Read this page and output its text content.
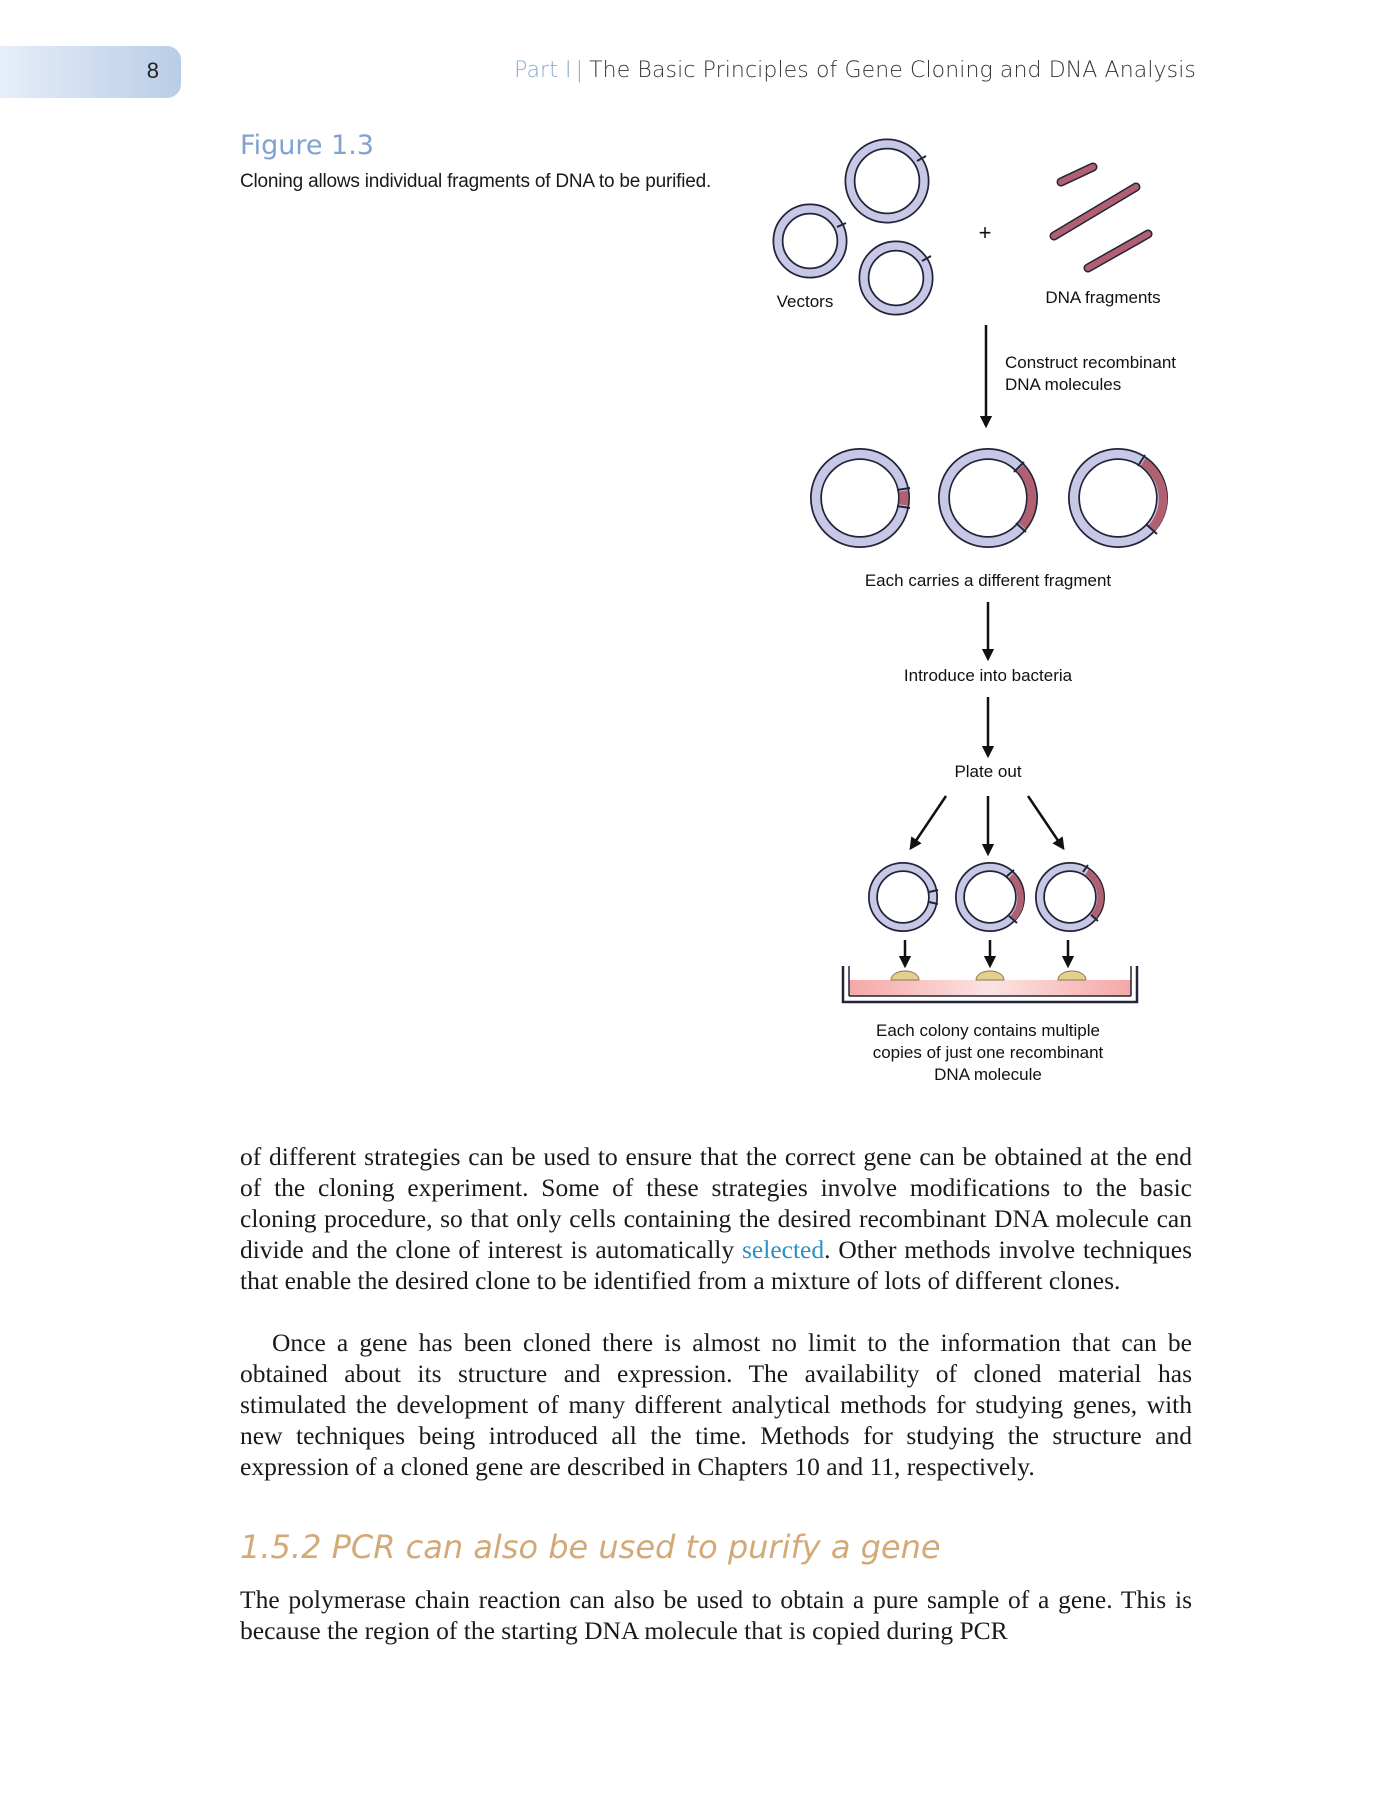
8	Part I | The Basic Principles of Gene Cloning and DNA Analysis
Figure 1.3
Cloning allows individual fragments of DNA to be purified.
Vectors
+
DNA fragments
Construct recombinant
DNA molecules
Each carries a different fragment
Introduce into bacteria
Plate out
Each colony contains multiple
copies of just one recombinant
DNA molecule

of different strategies can be used to ensure that the correct gene can be obtained at the end of the cloning experiment. Some of these strategies involve modifications to the basic cloning procedure, so that only cells containing the desired recombinant DNA molecule can divide and the clone of interest is automatically selected. Other methods involve techniques that enable the desired clone to be identified from a mixture of lots of different clones.

Once a gene has been cloned there is almost no limit to the information that can be obtained about its structure and expression. The availability of cloned material has stimulated the development of many different analytical methods for studying genes, with new techniques being introduced all the time. Methods for studying the structure and expression of a cloned gene are described in Chapters 10 and 11, respectively.

1.5.2 PCR can also be used to purify a gene

The polymerase chain reaction can also be used to obtain a pure sample of a gene. This is because the region of the starting DNA molecule that is copied during PCR
